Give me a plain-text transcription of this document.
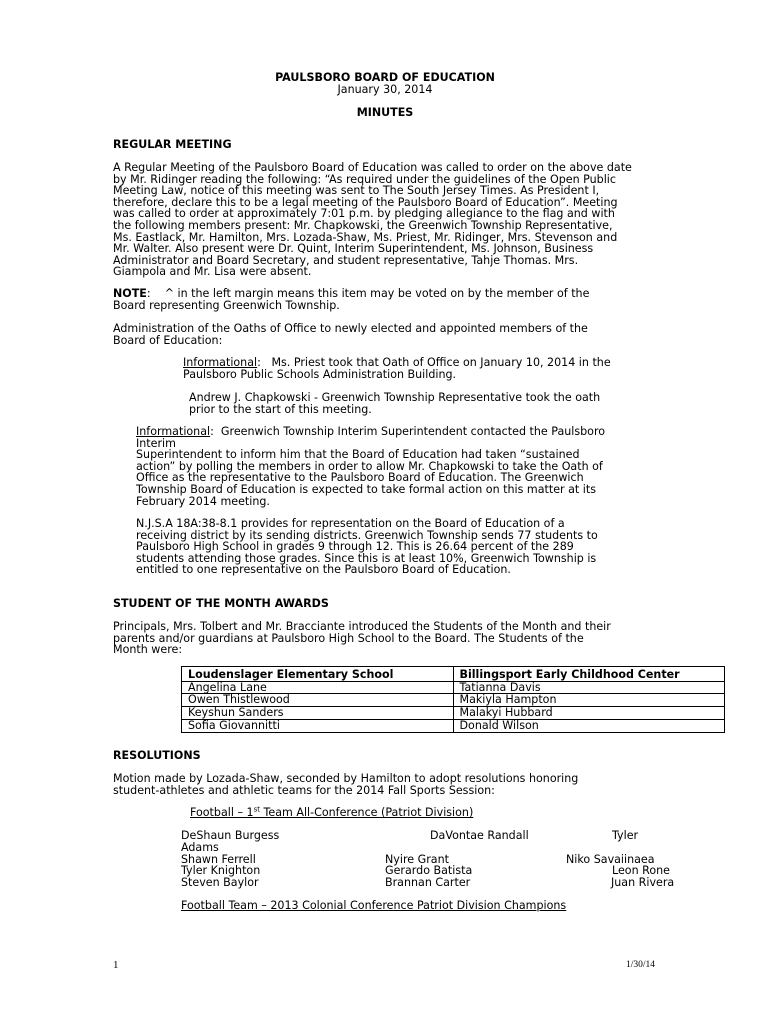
PAULSBORO BOARD OF EDUCATION
January 30, 2014
MINUTES
REGULAR MEETING
A Regular Meeting of the Paulsboro Board of Education was called to order on the above date
by Mr. Ridinger reading the following: “As required under the guidelines of the Open Public
Meeting Law, notice of this meeting was sent to The South Jersey Times. As President I,
therefore, declare this to be a legal meeting of the Paulsboro Board of Education”. Meeting
was called to order at approximately 7:01 p.m. by pledging allegiance to the flag and with
the following members present: Mr. Chapkowski, the Greenwich Township Representative,
Ms. Eastlack, Mr. Hamilton, Mrs. Lozada-Shaw, Ms. Priest, Mr. Ridinger, Mrs. Stevenson and
Mr. Walter. Also present were Dr. Quint, Interim Superintendent, Ms. Johnson, Business
Administrator and Board Secretary, and student representative, Tahje Thomas. Mrs.
Giampola and Mr. Lisa were absent.
NOTE:    ^ in the left margin means this item may be voted on by the member of the
Board representing Greenwich Township.
Administration of the Oaths of Office to newly elected and appointed members of the
Board of Education:
Informational:   Ms. Priest took that Oath of Office on January 10, 2014 in the
Paulsboro Public Schools Administration Building.
Andrew J. Chapkowski - Greenwich Township Representative took the oath
prior to the start of this meeting.
Informational:  Greenwich Township Interim Superintendent contacted the Paulsboro
Interim
Superintendent to inform him that the Board of Education had taken “sustained
action” by polling the members in order to allow Mr. Chapkowski to take the Oath of
Office as the representative to the Paulsboro Board of Education. The Greenwich
Township Board of Education is expected to take formal action on this matter at its
February 2014 meeting.
N.J.S.A 18A:38-8.1 provides for representation on the Board of Education of a
receiving district by its sending districts. Greenwich Township sends 77 students to
Paulsboro High School in grades 9 through 12. This is 26.64 percent of the 289
students attending those grades. Since this is at least 10%, Greenwich Township is
entitled to one representative on the Paulsboro Board of Education.
STUDENT OF THE MONTH AWARDS
Principals, Mrs. Tolbert and Mr. Bracciante introduced the Students of the Month and their
parents and/or guardians at Paulsboro High School to the Board. The Students of the
Month were:
Loudenslager Elementary School	Billingsport Early Childhood Center
Angelina Lane	Tatianna Davis
Owen Thistlewood	Makiyla Hampton
Keyshun Sanders	Malakyi Hubbard
Sofia Giovannitti	Donald Wilson
RESOLUTIONS
Motion made by Lozada-Shaw, seconded by Hamilton to adopt resolutions honoring
student-athletes and athletic teams for the 2014 Fall Sports Session:
Football – 1st Team All-Conference (Patriot Division)
DeShaun Burgess	DaVontae Randall	Tyler
Adams
Shawn Ferrell	Nyire Grant	Niko Savaiinaea
Tyler Knighton	Gerardo Batista	Leon Rone
Steven Baylor	Brannan Carter	Juan Rivera
Football Team – 2013 Colonial Conference Patriot Division Champions
1	1/30/14
